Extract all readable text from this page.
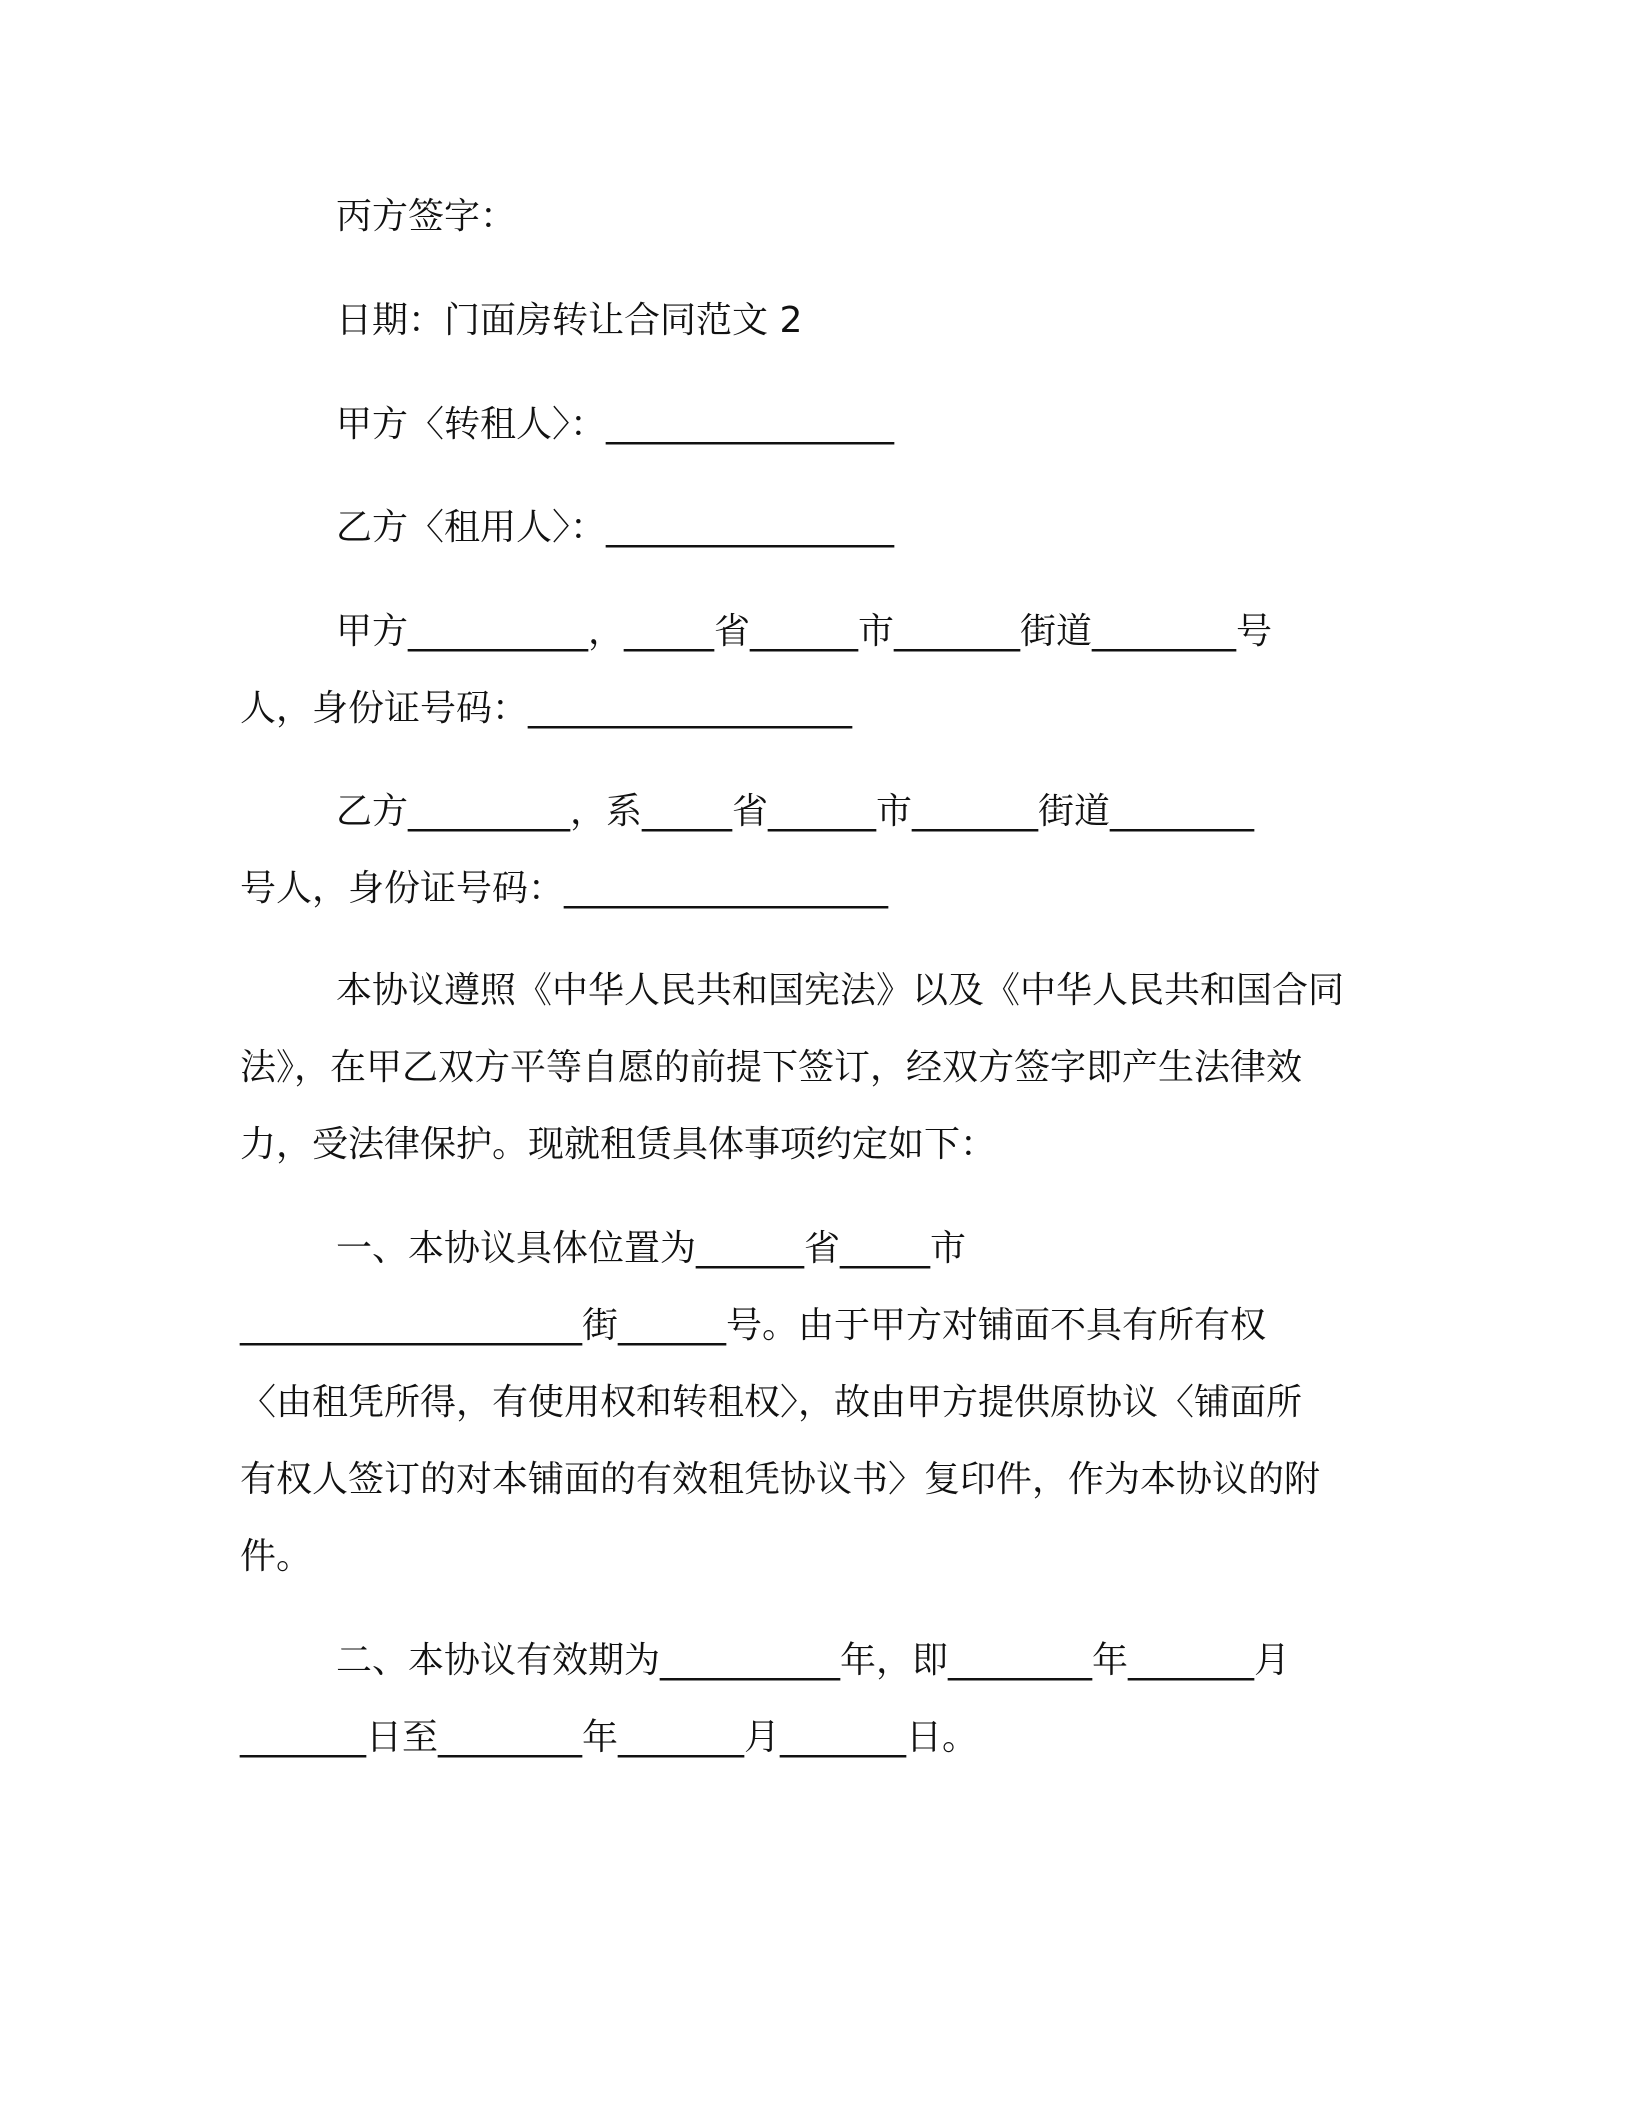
丙方签字：

日期：门面房转让合同范文 2

甲方〈转租人〉：________________

乙方〈租用人〉：________________

甲方__________，_____省______市_______街道________号
人，身份证号码：__________________

乙方_________，系_____省______市_______街道________
号人，身份证号码：__________________

本协议遵照《中华人民共和国宪法》以及《中华人民共和国合同
法》，在甲乙双方平等自愿的前提下签订，经双方签字即产生法律效
力，受法律保护。现就租赁具体事项约定如下：

一、本协议具体位置为______省_____市
___________________街______号。由于甲方对铺面不具有所有权
〈由租凭所得，有使用权和转租权〉，故由甲方提供原协议〈铺面所
有权人签订的对本铺面的有效租凭协议书〉复印件，作为本协议的附
件。

二、本协议有效期为__________年，即________年_______月
_______日至________年_______月_______日。
